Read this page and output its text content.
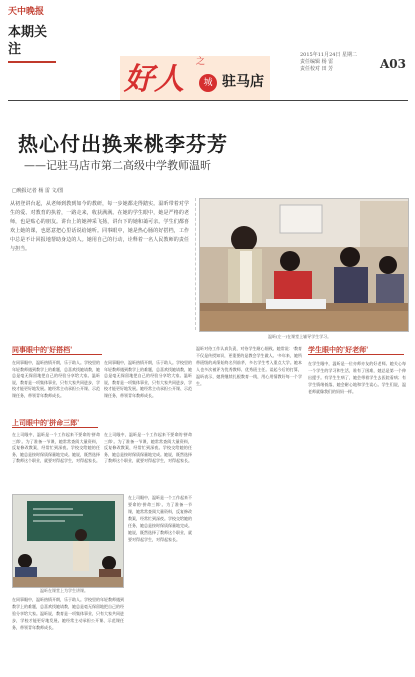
天中晚报
本期关注
好人 之
城 驻马店
2015年11月24日 星期二
责任编辑 杨 雷
责任校对 田 芳	A03
热心付出换来桃李芬芳
——记驻马店市第二高级中学教师温昕
□晚报记者 杨 雷 文/图
从初登讲台起，从老师到教到如今的教研，每一步她都走得踏实。温昕带着对学生的爱、对教育的执着，一路走来，收获满满。在她的学生眼中，她是严格的老师，也是贴心的朋友。讲台上的她神采飞扬，讲台下的她和蔼可亲。学生们都喜欢上她的课，也愿意把心里话说给她听。同事眼中，她是热心肠的好搭档，工作中总是不计回报地帮助身边的人。她用自己的行动，诠释着一名人民教师的责任与担当。
温昕(左一)在课堂上辅导学生学习。
同事眼中的'好搭档'
在同事眼中，温昕热情开朗，乐于助人。学校里的年轻教师遇到教学上的难题，总喜欢找她请教，她总是毫无保留地把自己的经验分享给大家。温昕说，教育是一项集体事业，只有大家共同进步，学校才能更好地发展。她经常主动承担公开课、示范课任务，带领青年教师成长。
在同事眼中，温昕热情开朗，乐于助人。学校里的年轻教师遇到教学上的难题，总喜欢找她请教，她总是毫无保留地把自己的经验分享给大家。温昕说，教育是一项集体事业，只有大家共同进步，学校才能更好地发展。她经常主动承担公开课、示范课任务，带领青年教师成长。
温昕对待工作认真负责，对待学生耐心细致。她常说：'教育不仅是传授知识，更重要的是教会学生做人。'多年来，她所带班级的成绩始终名列前茅，多名学生考入重点大学。她本人也多次被评为优秀教师、优秀班主任。谈起今后的打算，温昕表示，她将继续扎根教育一线，用心用情教好每一个学生。
上司眼中的'拼命三郎'
在上司眼中，温昕是一个工作起来不要命的'拼命三郎'。为了准备一节课，她常常查阅大量资料，反复修改教案，经常忙到深夜。学校交给她的任务，她总是按时保质保量地完成。她说，既然选择了教师这个职业，就要对得起学生，对得起家长。
在上司眼中，温昕是一个工作起来不要命的'拼命三郎'。为了准备一节课，她常常查阅大量资料，反复修改教案，经常忙到深夜。学校交给她的任务，她总是按时保质保量地完成。她说，既然选择了教师这个职业，就要对得起学生，对得起家长。
温昕在课堂上为学生讲课。
在上司眼中，温昕是一个工作起来不要命的'拼命三郎'。为了准备一节课，她常常查阅大量资料，反复修改教案，经常忙到深夜。学校交给她的任务，她总是按时保质保量地完成。她说，既然选择了教师这个职业，就要对得起学生，对得起家长。
在同事眼中，温昕热情开朗，乐于助人。学校里的年轻教师遇到教学上的难题，总喜欢找她请教，她总是毫无保留地把自己的经验分享给大家。温昕说，教育是一项集体事业，只有大家共同进步，学校才能更好地发展。她经常主动承担公开课、示范课任务，带领青年教师成长。
学生眼中的'好老师'
在学生眼中，温昕是一位亦师亦友的好老师。她关心每一个学生的学习和生活，谁有了困难，她总是第一个伸出援手。有学生生病了，她会带着学生去医院看病；有学生情绪低落，她会耐心地和学生谈心。学生们说，温老师就像我们的妈妈一样。
